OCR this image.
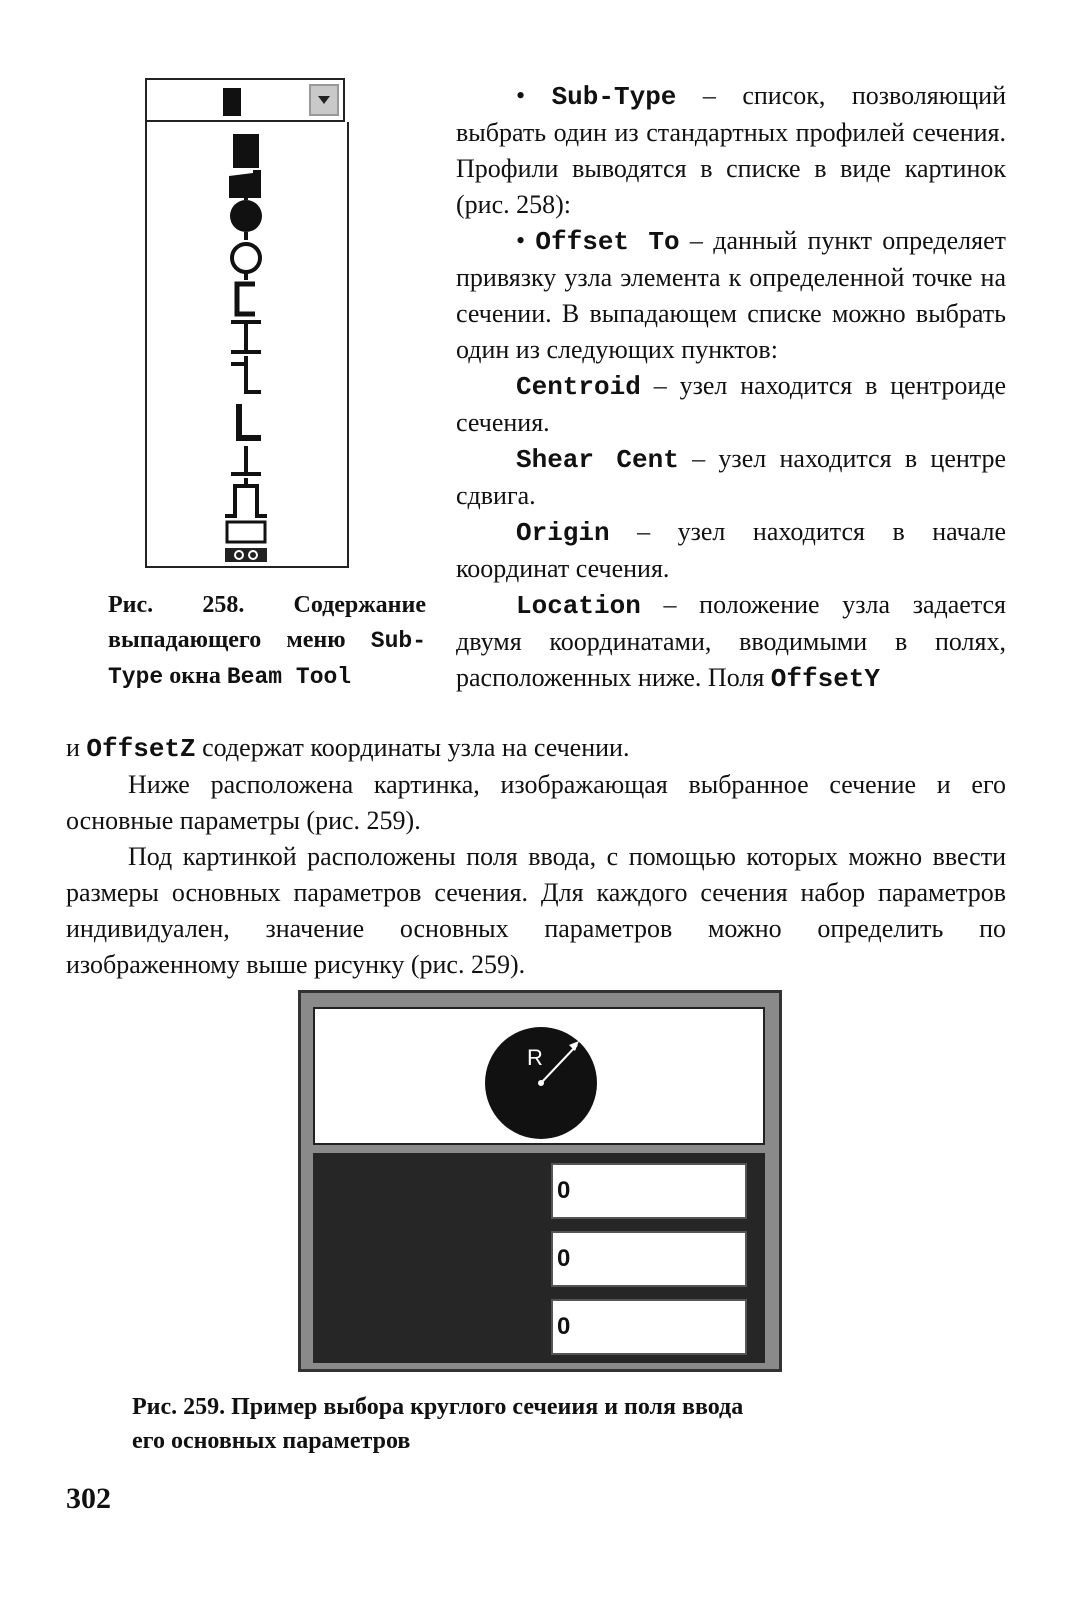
Рис. 258. Содержание выпадающего меню Sub-Type окна Beam Tool

• Sub-Type – список, позволяющий выбрать один из стандартных профилей сечения. Профили выводятся в списке в виде картинок (рис. 258):

• Offset To – данный пункт определяет привязку узла элемента к определенной точке на сечении. В выпадающем списке можно выбрать один из следующих пунктов:

Centroid – узел находится в центроиде сечения.

Shear Cent – узел находится в центре сдвига.

Origin – узел находится в начале координат сечения.

Location – положение узла задается двумя координатами, вводимыми в полях, расположенных ниже. Поля OffsetY

и OffsetZ содержат координаты узла на сечении.

Ниже расположена картинка, изображающая выбранное сечение и его основные параметры (рис. 259).

Под картинкой расположены поля ввода, с помощью которых можно ввести размеры основных параметров сечения. Для каждого сечения набор параметров индивидуален, значение основных параметров можно определить по изображенному выше рисунку (рис. 259).

R
0
0
0
Рис. 259. Пример выбора круглого сечеиия и поля ввода
его основных параметров
302
